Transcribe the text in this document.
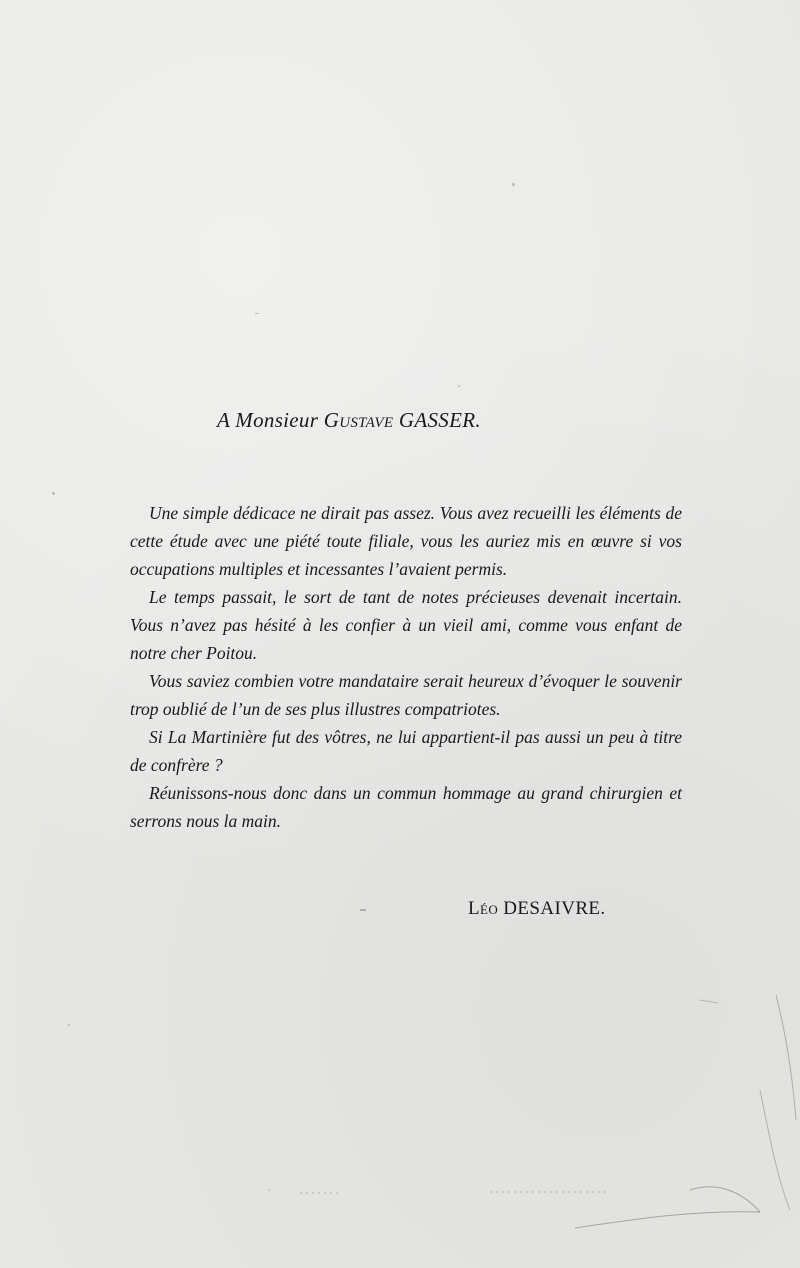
A Monsieur Gustave GASSER.

Une simple dédicace ne dirait pas assez. Vous avez recueilli les éléments de cette étude avec une piété toute filiale, vous les auriez mis en œuvre si vos occupations multiples et incessantes l’avaient permis.

Le temps passait, le sort de tant de notes précieuses devenait incertain. Vous n’avez pas hésité à les confier à un vieil ami, comme vous enfant de notre cher Poitou.

Vous saviez combien votre mandataire serait heureux d’évoquer le souvenir trop oublié de l’un de ses plus illustres compatriotes.

Si La Martinière fut des vôtres, ne lui appartient-il pas aussi un peu à titre de confrère ?

Réunissons-nous donc dans un commun hommage au grand chirurgien et serrons nous la main.

Léo DESAIVRE.
